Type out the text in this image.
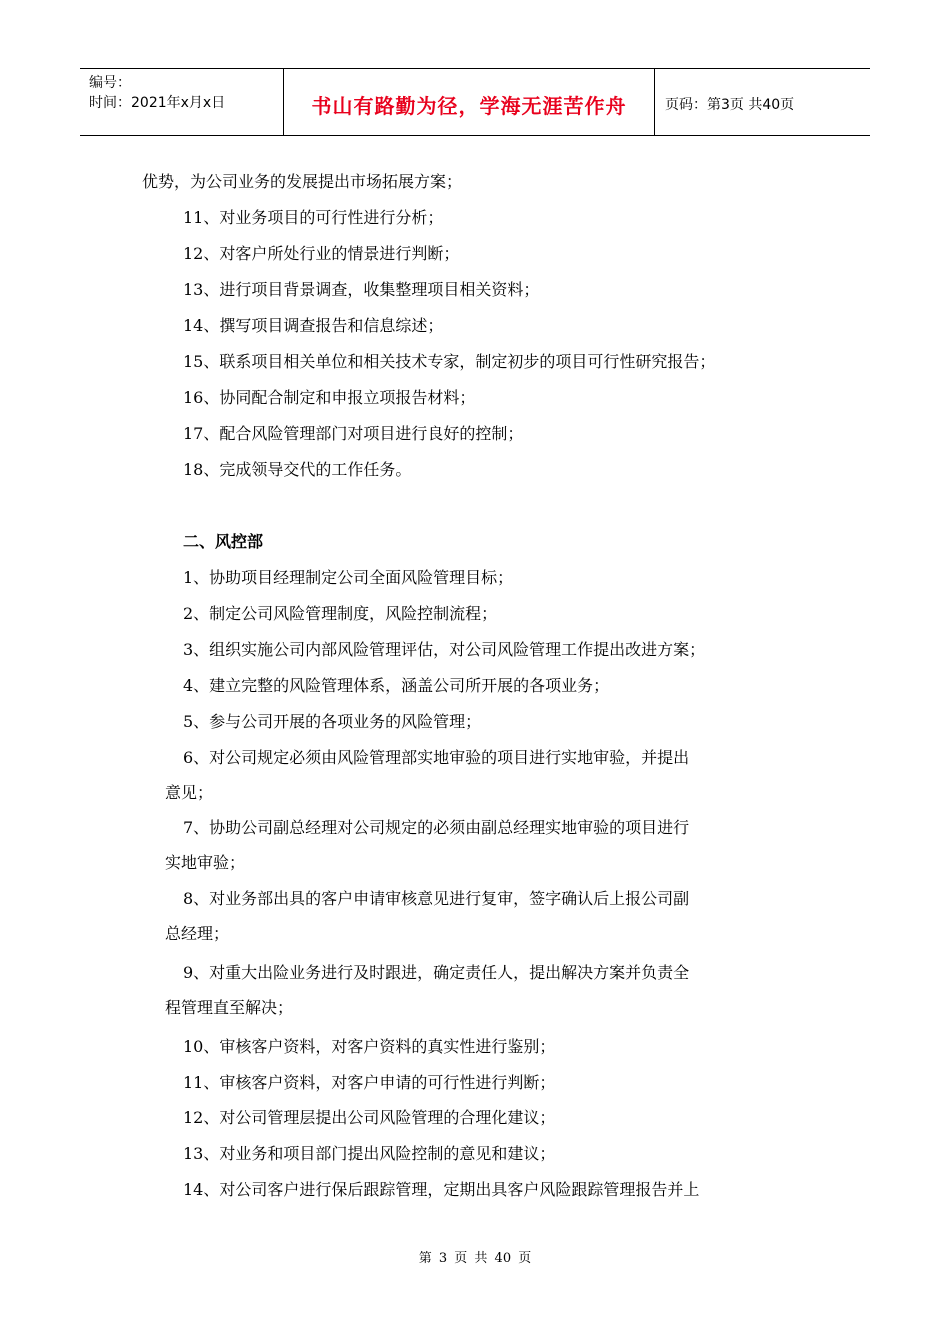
编号：
时间：2021年x月x日	书山有路勤为径，学海无涯苦作舟	页码：第3页 共40页
优势，为公司业务的发展提出市场拓展方案；
11、对业务项目的可行性进行分析；
12、对客户所处行业的情景进行判断；
13、进行项目背景调查，收集整理项目相关资料；
14、撰写项目调查报告和信息综述；
15、联系项目相关单位和相关技术专家，制定初步的项目可行性研究报告；
16、协同配合制定和申报立项报告材料；
17、配合风险管理部门对项目进行良好的控制；
18、完成领导交代的工作任务。
二、风控部
1、协助项目经理制定公司全面风险管理目标；
2、制定公司风险管理制度，风险控制流程；
3、组织实施公司内部风险管理评估，对公司风险管理工作提出改进方案；
4、建立完整的风险管理体系，涵盖公司所开展的各项业务；
5、参与公司开展的各项业务的风险管理；
6、对公司规定必须由风险管理部实地审验的项目进行实地审验，并提出
意见；
7、协助公司副总经理对公司规定的必须由副总经理实地审验的项目进行
实地审验；
8、对业务部出具的客户申请审核意见进行复审，签字确认后上报公司副
总经理；
9、对重大出险业务进行及时跟进，确定责任人，提出解决方案并负责全
程管理直至解决；
10、审核客户资料，对客户资料的真实性进行鉴别；
11、审核客户资料，对客户申请的可行性进行判断；
12、对公司管理层提出公司风险管理的合理化建议；
13、对业务和项目部门提出风险控制的意见和建议；
14、对公司客户进行保后跟踪管理，定期出具客户风险跟踪管理报告并上
第 3 页 共 40 页
